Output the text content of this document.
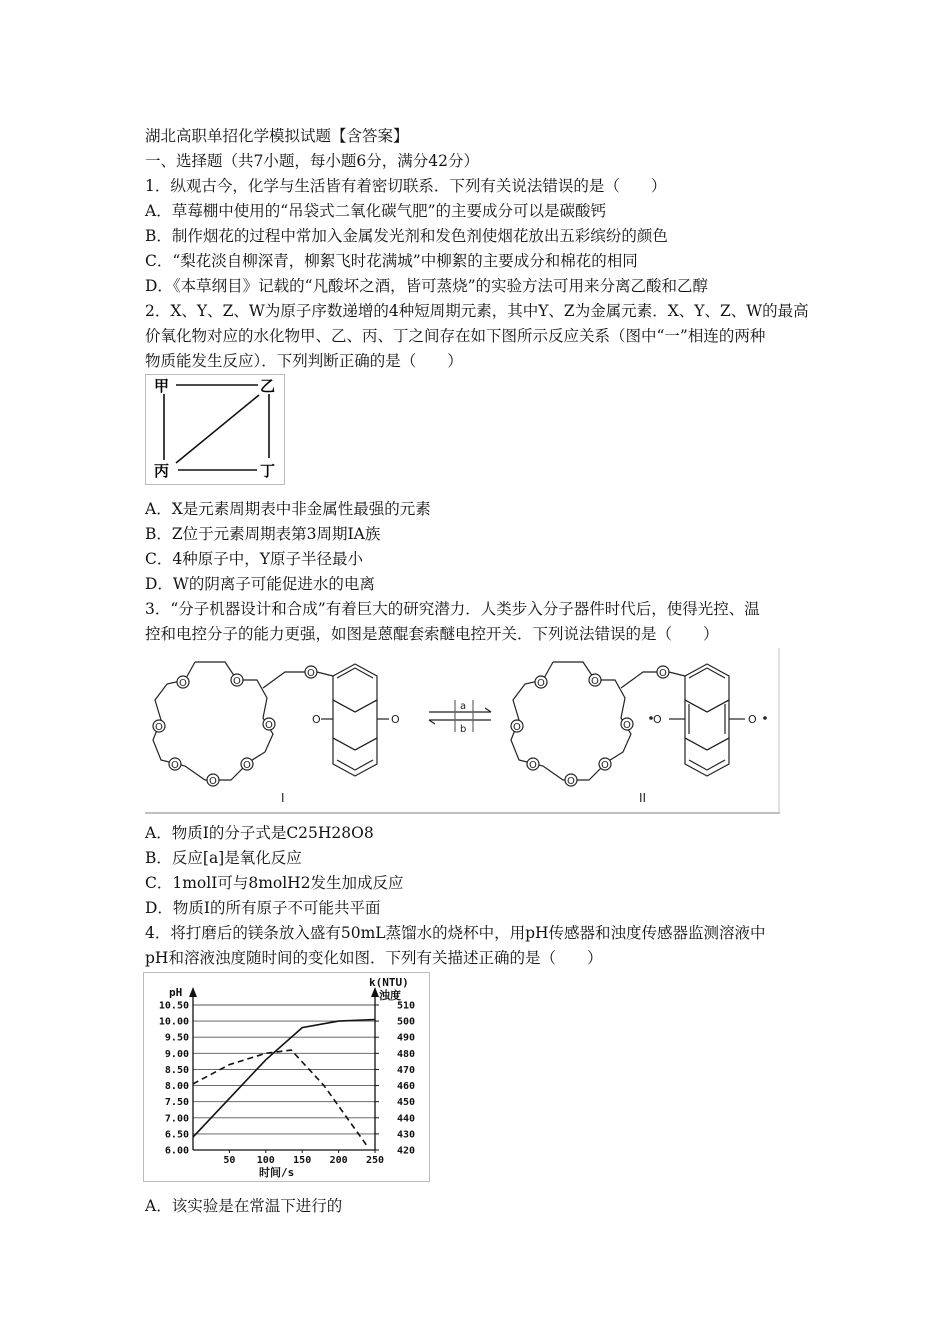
湖北高职单招化学模拟试题【含答案】
一、选择题（共7小题，每小题6分，满分42分）
1．纵观古今，化学与生活皆有着密切联系．下列有关说法错误的是（　　）
A．草莓棚中使用的“吊袋式二氧化碳气肥”的主要成分可以是碳酸钙
B．制作烟花的过程中常加入金属发光剂和发色剂使烟花放出五彩缤纷的颜色
C．“梨花淡自柳深青，柳絮飞时花满城”中柳絮的主要成分和棉花的相同
D．《本草纲目》记载的“凡酸坏之酒，皆可蒸烧”的实验方法可用来分离乙酸和乙醇
2．X、Y、Z、W为原子序数递增的4种短周期元素，其中Y、Z为金属元素．X、Y、Z、W的最高
价氧化物对应的水化物甲、乙、丙、丁之间存在如下图所示反应关系（图中“一”相连的两种
物质能发生反应）．下列判断正确的是（　　）
甲	乙
丙	丁
A．X是元素周期表中非金属性最强的元素
B．Z位于元素周期表第3周期IA族
C．4种原子中，Y原子半径最小
D．W的阴离子可能促进水的电离
3．“分子机器设计和合成”有着巨大的研究潜力．人类步入分子器件时代后，使得光控、温
控和电控分子的能力更强，如图是蒽醌套索醚电控开关．下列说法错误的是（　　）
O	O
O	O
O	O
O
O
O	O
I
a
b
O	O
O	O
O	O
O
O
O	O
II
A．物质Ⅰ的分子式是C25H28O8
B．反应[a]是氧化反应
C．1molⅠ可与8molH2发生加成反应
D．物质Ⅰ的所有原子不可能共平面
4．将打磨后的镁条放入盛有50mL蒸馏水的烧杯中，用pH传感器和浊度传感器监测溶液中
pH和溶液浊度随时间的变化如图．下列有关描述正确的是（　　）
6.00
6.50
7.00
7.50
8.00
8.50
9.00
9.50
10.00
10.50
420
430
440
450
460
470
480
490
500
510
50 100 150 200 250
pH
k(NTU)
浊度
时间/s
A．该实验是在常温下进行的
